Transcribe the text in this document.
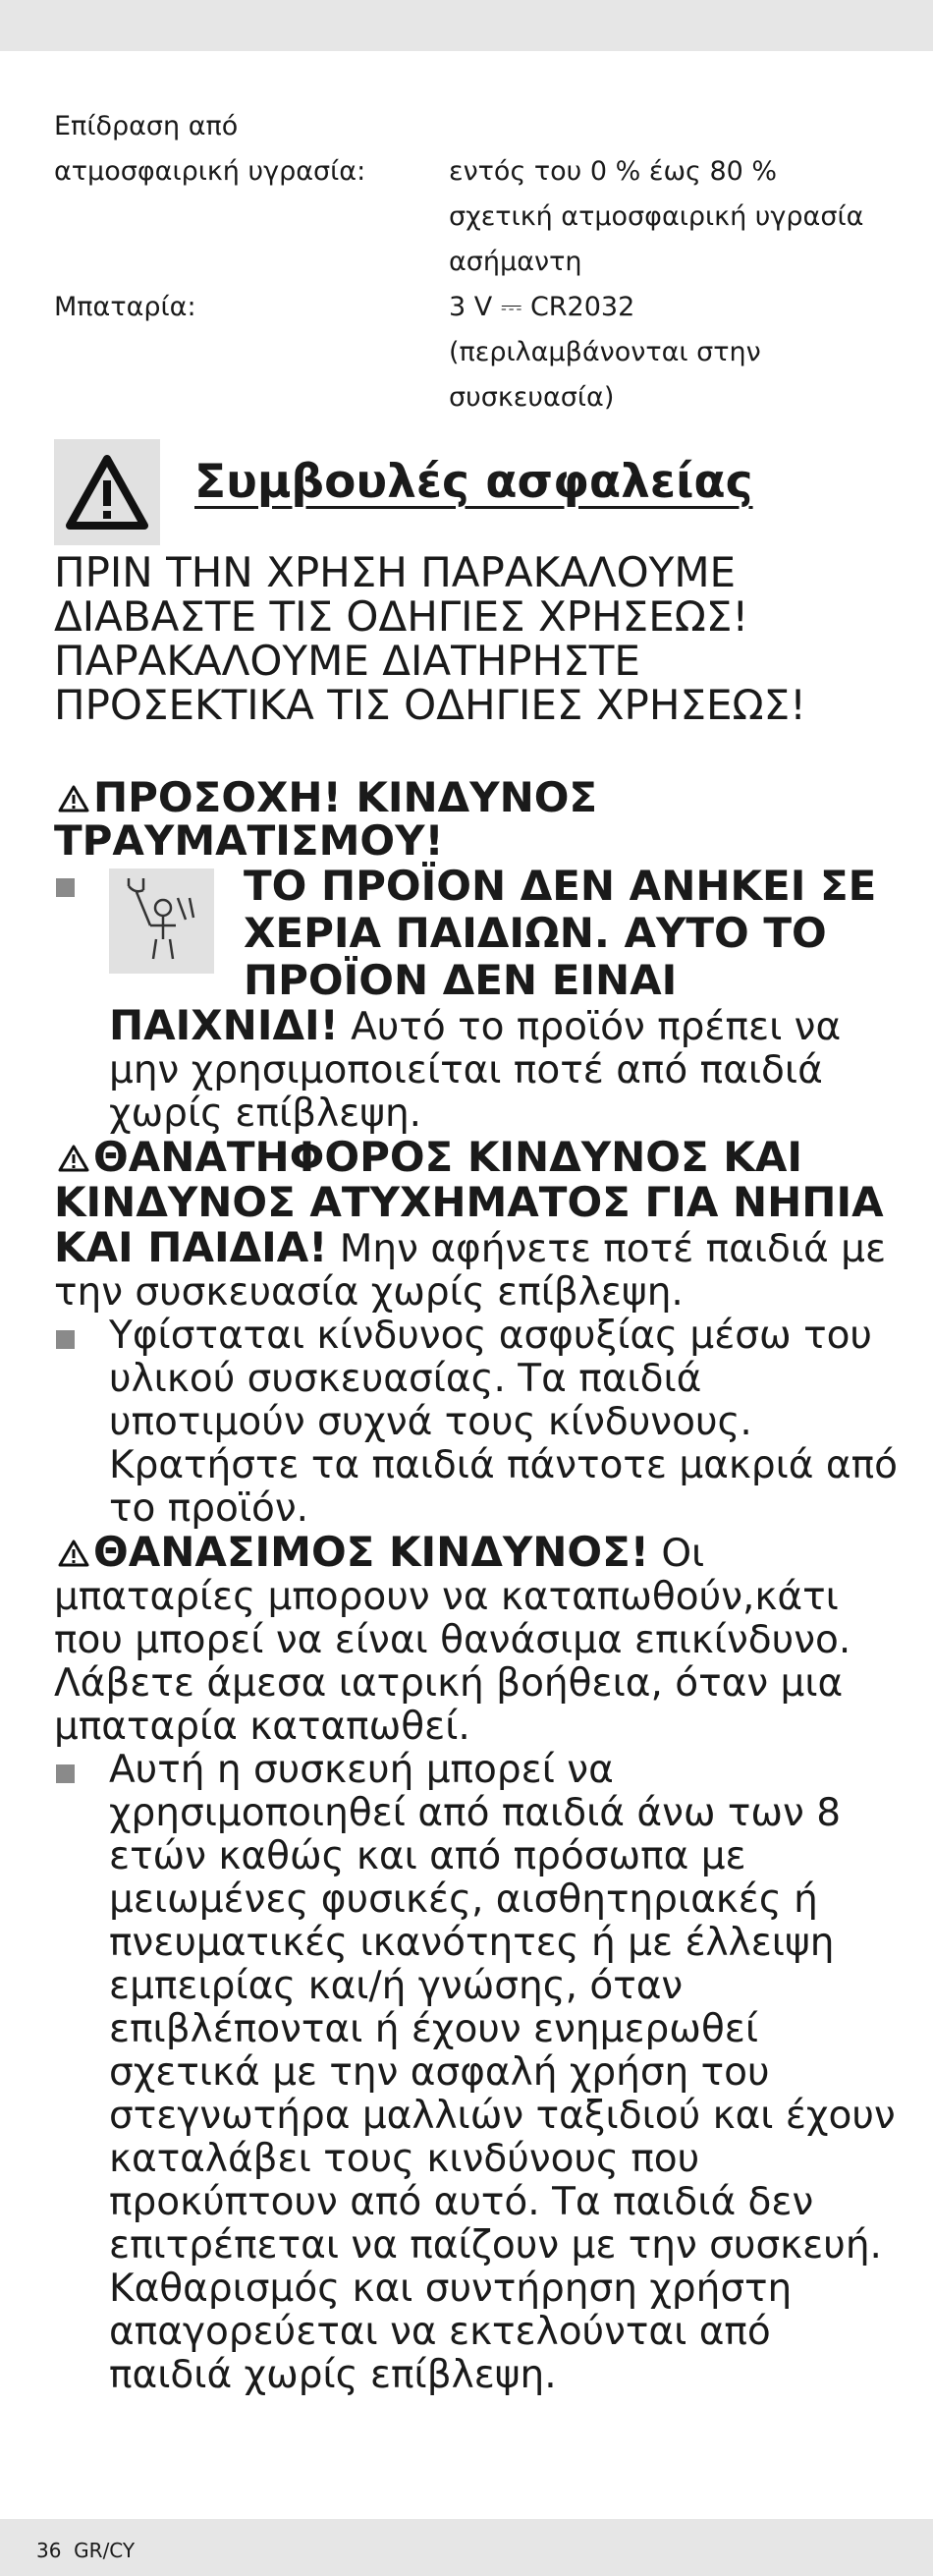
Επίδραση από
ατμοσφαιρική υγρασία:	εντός του 0 % έως 80 %
σχετική ατμοσφαιρική υγρασία
ασήμαντη
Μπαταρία:	3 V ⎓ CR2032
(περιλαμβάνονται στην
συσκευασία)
Συμβουλές ασφαλείας
ΠΡΙΝ ΤΗΝ ΧΡΗΣΗ ΠΑΡΑΚΑΛΟΥΜΕ
ΔΙΑΒΑΣΤΕ ΤΙΣ ΟΔΗΓΙΕΣ ΧΡΗΣΕΩΣ!
ΠΑΡΑΚΑΛΟΥΜΕ ΔΙΑΤΗΡΗΣΤΕ
ΠΡΟΣΕΚΤΙΚΑ ΤΙΣ ΟΔΗΓΙΕΣ ΧΡΗΣΕΩΣ!
ΠΡΟΣΟΧΗ! ΚΙΝΔΥΝΟΣ ΤΡΑΥΜΑΤΙΣΜΟΥ!
ΤΟ ΠΡΟΪΟΝ ΔΕΝ ΑΝΗΚΕΙ ΣΕ ΧΕΡΙΑ ΠΑΙΔΙΩΝ. ΑΥΤΟ ΤΟ ΠΡΟΪΟΝ ΔΕΝ ΕΙΝΑΙ
ΠΑΙΧΝΙΔΙ! Αυτό το προϊόν πρέπει να μην χρησιμοποιείται ποτέ από παιδιά χωρίς επίβλεψη.
ΘΑΝΑΤΗΦΟΡΟΣ ΚΙΝΔΥΝΟΣ ΚΑΙ ΚΙΝΔΥΝΟΣ ΑΤΥΧΗΜΑΤΟΣ ΓΙΑ ΝΗΠΙΑ ΚΑΙ ΠΑΙΔΙΑ! Μην αφήνετε ποτέ παιδιά με την συσκευασία χωρίς επίβλεψη.
Υφίσταται κίνδυνος ασφυξίας μέσω του υλικού συσκευασίας. Τα παιδιά υποτιμούν συχνά τους κίνδυνους. Κρατήστε τα παιδιά πάντοτε μακριά από το προϊόν.
ΘΑΝΑΣΙΜΟΣ ΚΙΝΔΥΝΟΣ! Οι μπαταρίες μπορουν να καταπωθούν,κάτι που μπορεί να είναι θανάσιμα επικίνδυνο. Λάβετε άμεσα ιατρική βοήθεια, όταν μια μπαταρία καταπωθεί.
Αυτή η συσκευή μπορεί να χρησιμοποιηθεί από παιδιά άνω των 8 ετών καθώς και από πρόσωπα με μειωμένες φυσικές, αισθητηριακές ή πνευματικές ικανότητες ή με έλλειψη εμπειρίας και/ή γνώσης, όταν επιβλέπονται ή έχουν ενημερωθεί σχετικά με την ασφαλή χρήση του στεγνωτήρα μαλλιών ταξιδιού και έχουν καταλάβει τους κινδύνους που προκύπτουν από αυτό. Τα παιδιά δεν επιτρέπεται να παίζουν με την συσκευή. Καθαρισμός και συντήρηση χρήστη απαγορεύεται να εκτελούνται από παιδιά χωρίς επίβλεψη.
36 GR/CY
